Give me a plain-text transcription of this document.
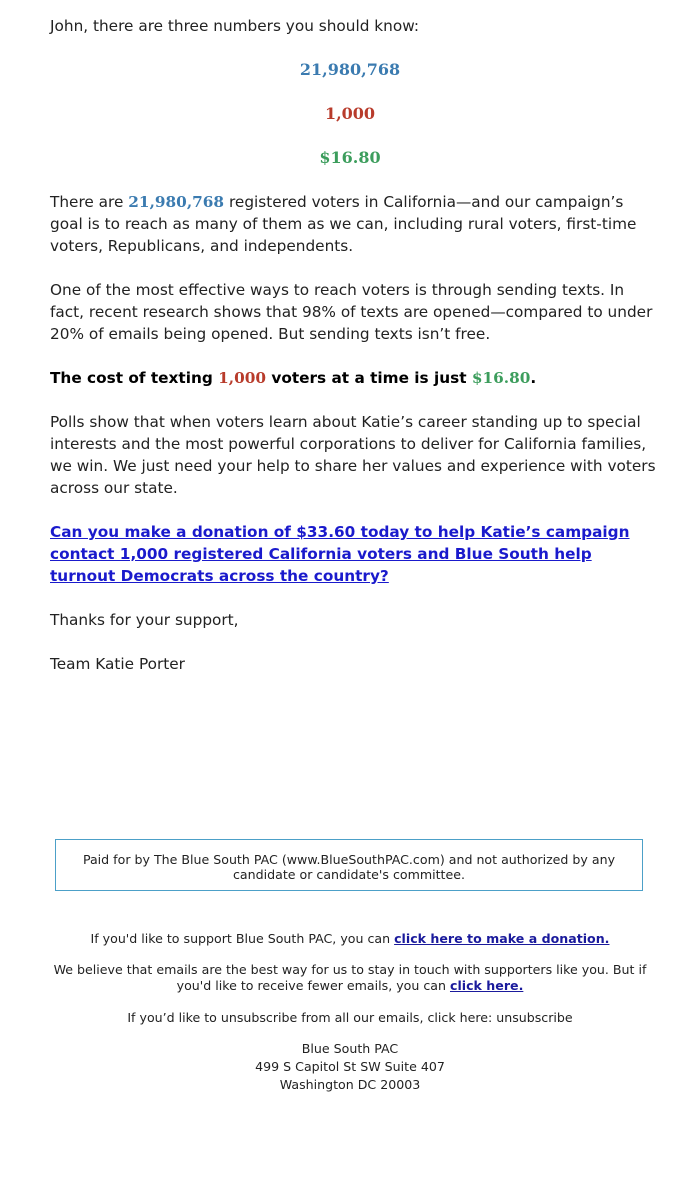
John, there are three numbers you should know:

21,980,768
1,000
$16.80

There are 21,980,768 registered voters in California—and our campaign’s goal is to reach as many of them as we can, including rural voters, first-time voters, Republicans, and independents.

One of the most effective ways to reach voters is through sending texts. In fact, recent research shows that 98% of texts are opened—compared to under 20% of emails being opened. But sending texts isn’t free.

The cost of texting 1,000 voters at a time is just $16.80.

Polls show that when voters learn about Katie’s career standing up to special interests and the most powerful corporations to deliver for California families, we win. We just need your help to share her values and experience with voters across our state.

Can you make a donation of $33.60 today to help Katie’s campaign contact 1,000 registered California voters and Blue South help turnout Democrats across the country?

Thanks for your support,

Team Katie Porter

Paid for by The Blue South PAC (www.BlueSouthPAC.com) and not authorized by any candidate or candidate's committee.
If you'd like to support Blue South PAC, you can click here to make a donation.
We believe that emails are the best way for us to stay in touch with supporters like you. But if you'd like to receive fewer emails, you can click here.
If you’d like to unsubscribe from all our emails, click here: unsubscribe
Blue South PAC
499 S Capitol St SW Suite 407
Washington DC 20003
